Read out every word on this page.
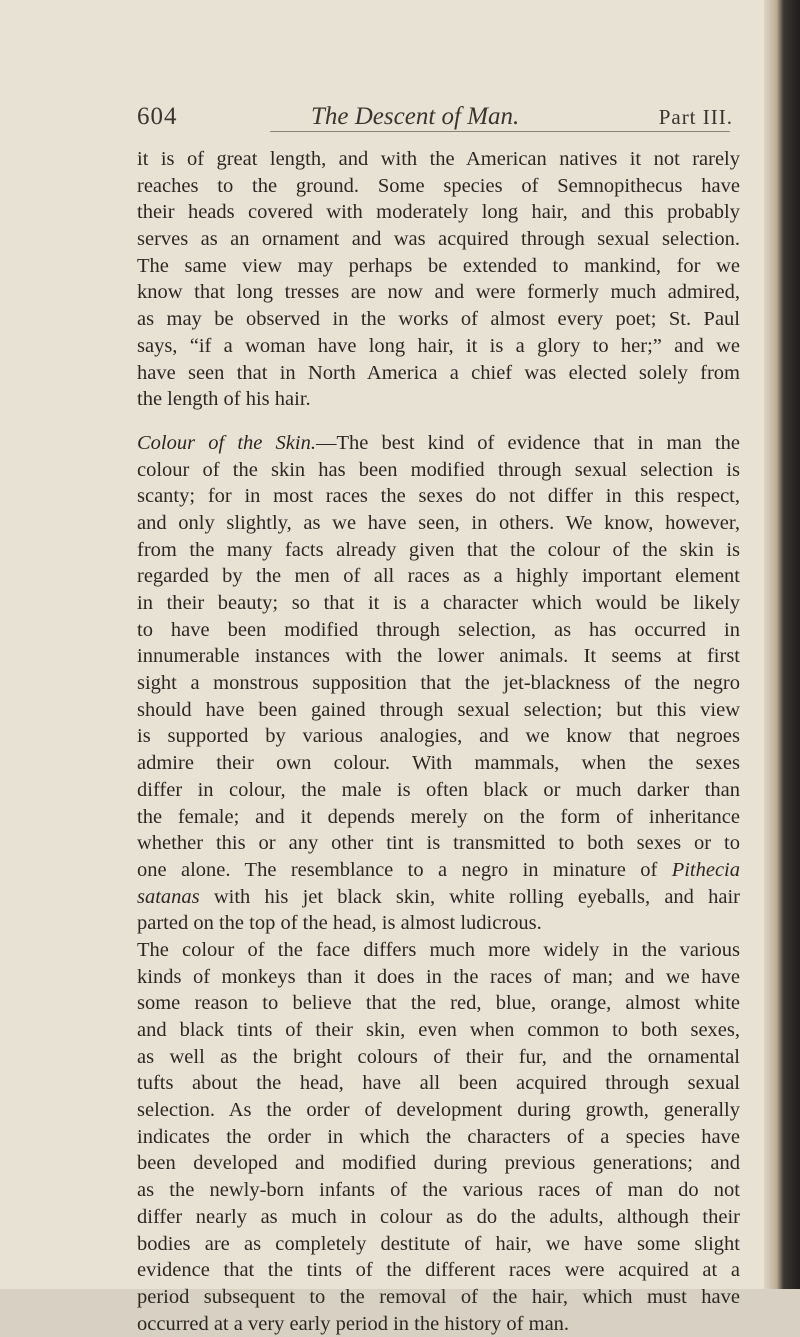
604	The Descent of Man.	Part III.
it is of great length, and with the American natives it not rarely
reaches to the ground. Some species of Semnopithecus have
their heads covered with moderately long hair, and this probably
serves as an ornament and was acquired through sexual selection.
The same view may perhaps be extended to mankind, for we
know that long tresses are now and were formerly much admired,
as may be observed in the works of almost every poet; St. Paul
says, “if a woman have long hair, it is a glory to her;” and we
have seen that in North America a chief was elected solely from
the length of his hair.
Colour of the Skin.—The best kind of evidence that in man the
colour of the skin has been modified through sexual selection is
scanty; for in most races the sexes do not differ in this respect,
and only slightly, as we have seen, in others. We know, however,
from the many facts already given that the colour of the skin is
regarded by the men of all races as a highly important element
in their beauty; so that it is a character which would be likely
to have been modified through selection, as has occurred in
innumerable instances with the lower animals. It seems at first
sight a monstrous supposition that the jet-blackness of the negro
should have been gained through sexual selection; but this view
is supported by various analogies, and we know that negroes
admire their own colour. With mammals, when the sexes
differ in colour, the male is often black or much darker than
the female; and it depends merely on the form of inheritance
whether this or any other tint is transmitted to both sexes or to
one alone. The resemblance to a negro in minature of Pithecia
satanas with his jet black skin, white rolling eyeballs, and hair
parted on the top of the head, is almost ludicrous.
The colour of the face differs much more widely in the various
kinds of monkeys than it does in the races of man; and we have
some reason to believe that the red, blue, orange, almost white
and black tints of their skin, even when common to both sexes,
as well as the bright colours of their fur, and the ornamental
tufts about the head, have all been acquired through sexual
selection. As the order of development during growth, generally
indicates the order in which the characters of a species have
been developed and modified during previous generations; and
as the newly-born infants of the various races of man do not
differ nearly as much in colour as do the adults, although their
bodies are as completely destitute of hair, we have some slight
evidence that the tints of the different races were acquired at a
period subsequent to the removal of the hair, which must have
occurred at a very early period in the history of man.
